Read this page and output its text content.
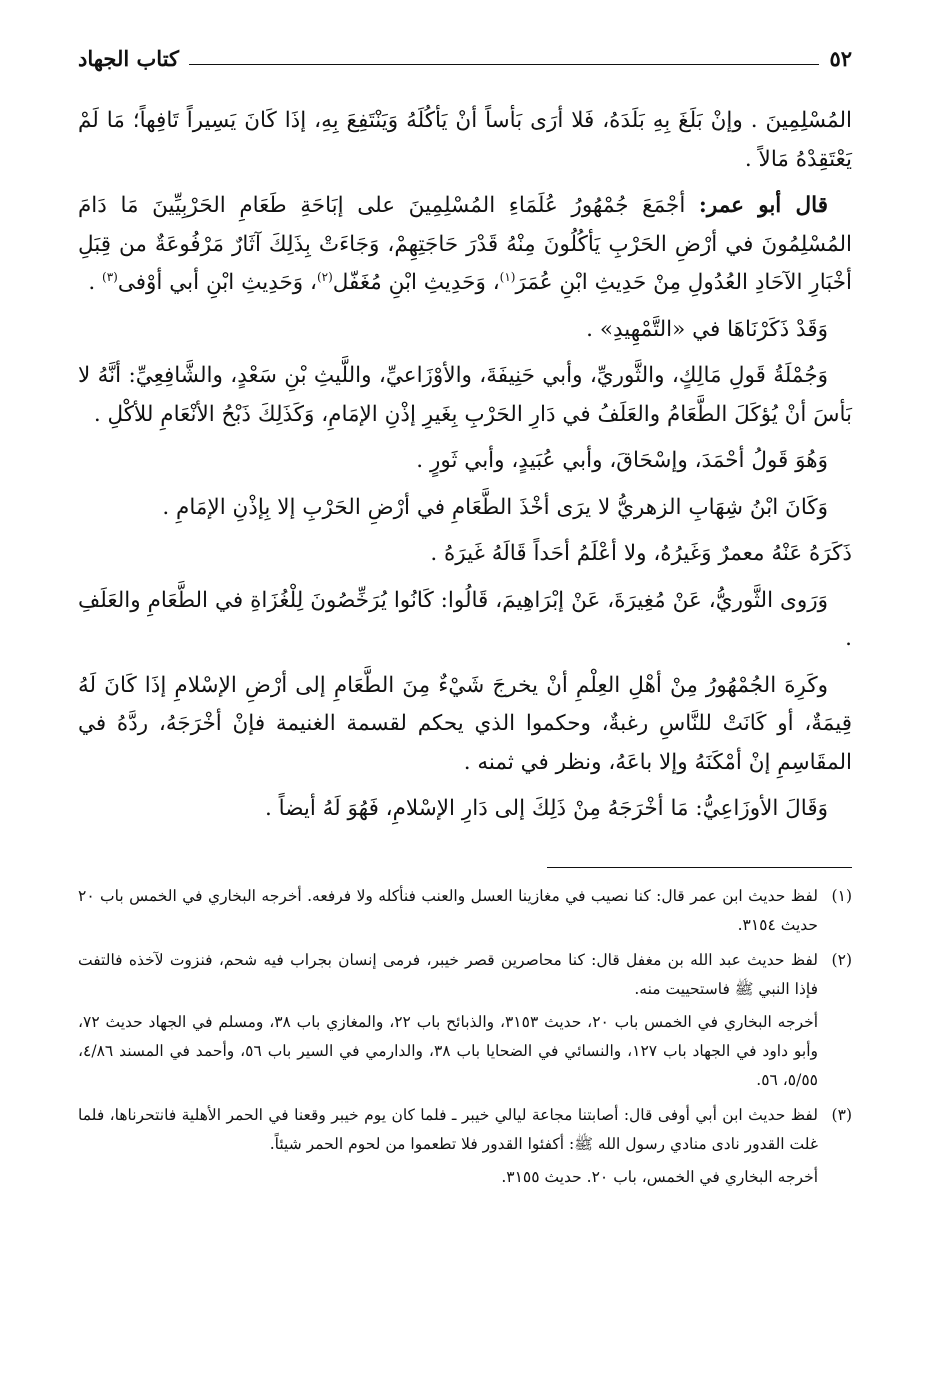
٥٢
كتاب الجهاد

المُسْلِمِينَ . وإنْ بَلَغَ بِهِ بَلَدَهُ، فَلا أرَى بَأساً أنْ يَأكُلَهُ وَيَنْتَفِعَ بِهِ، إذَا كَانَ يَسِيراً تَافِهاً؛ مَا لَمْ يَعْتَقِدْهُ مَالاً .

قال أبو عمر: أجْمَعَ جُمْهُورُ عُلَمَاءِ المُسْلِمِينَ على إبَاحَةِ طَعَامِ الحَرْبِيِّينَ مَا دَامَ المُسْلِمُونَ في أرْضِ الحَرْبِ يَأكُلُونَ مِنْهُ قَدْرَ حَاجَتِهِمْ، وَجَاءَتْ بِذَلِكَ آثَارٌ مَرْفُوعَةٌ من قِبَلِ أخْبَارِ الآحَادِ العُدُولِ مِنْ حَدِيثِ ابْنِ عُمَرَ$^{(١)}$، وَحَدِيثِ ابْنِ مُغَفّل$^{(٢)}$، وَحَدِيثِ ابْنِ أبي أوْفى$^{(٣)}$ .

وَقَدْ ذَكَرْنَاهَا في «التَّمْهِيدِ» .

وَجُمْلَةُ قَولِ مَالِكٍ، والثَّوريِّ، وأبي حَنِيفَةَ، والأوْزَاعيِّ، واللَّيثِ بْنِ سَعْدٍ، والشَّافِعِيِّ: أنَّهُ لا بَأسَ أنْ يُؤكَلَ الطَّعَامُ والعَلَفُ في دَارِ الحَرْبِ بِغَيرِ إذْنِ الإمَامِ، وَكَذَلِكَ ذَبْحُ الأنْعَامِ للأكْلِ .

وَهُوَ قَولُ أحْمَدَ، وإسْحَاقَ، وأبي عُبَيدٍ، وأبي ثَورٍ .

وَكَانَ ابْنُ شِهَابِ الزهريُّ لا يرَى أخْذَ الطَّعَامِ في أرْضِ الحَرْبِ إلا بِإذْنِ الإمَامِ .

ذَكَرَهُ عَنْهُ معمرٌ وَغَيرُهُ، ولا أعْلَمُ أحَداً قَالَهُ غَيرَهُ .

وَرَوى الثَّوريُّ، عَنْ مُغِيرَةَ، عَنْ إبْرَاهِيمَ، قَالُوا: كَانُوا يُرَخِّصُونَ لِلْغُزَاةِ في الطَّعَامِ والعَلَفِ .

وكَرِهَ الجُمْهُورُ مِنْ أهْلِ العِلْمِ أنْ يخرجَ شَيْءٌ مِنَ الطَّعَامِ إلى أرْضِ الإسْلامِ إذَا كَانَ لَهُ قِيمَةٌ، أو كَانَتْ للنَّاسِ رغبةٌ، وحكموا الذي يحكم لقسمة الغنيمة فإنْ أخْرَجَهُ، ردَّهُ في المقَاسِمِ إنْ أمْكَنَهُ وإلا باعَهُ، ونظر في ثمنه .

وَقَالَ الأوزَاعِيُّ: مَا أخْرَجَهُ مِنْ ذَلِكَ إلى دَارِ الإسْلامِ، فَهُوَ لَهُ أيضاً .

(١)

لفظ حديث ابن عمر قال: كنا نصيب في مغازينا العسل والعنب فنأكله ولا فرفعه. أخرجه البخاري في الخمس باب ٢٠ حديث ٣١٥٤.

(٢)

لفظ حديث عبد الله بن مغفل قال: كنا محاصرين قصر خيبر، فرمى إنسان بجراب فيه شحم، فنزوت لآخذه فالتفت فإذا النبي ﷺ فاستحييت منه.

أخرجه البخاري في الخمس باب ٢٠، حديث ٣١٥٣، والذبائح باب ٢٢، والمغازي باب ٣٨، ومسلم في الجهاد حديث ٧٢، وأبو داود في الجهاد باب ١٢٧، والنسائي في الضحايا باب ٣٨، والدارمي في السير باب ٥٦، وأحمد في المسند ٤/٨٦، ٥/٥٥، ٥٦.

(٣)

لفظ حديث ابن أبي أوفى قال: أصابتنا مجاعة ليالي خيبر ـ فلما كان يوم خيبر وقعنا في الحمر الأهلية فانتحرناها، فلما غلت القدور نادى منادي رسول الله ﷺ: أكفئوا القدور فلا تطعموا من لحوم الحمر شيئاً.

أخرجه البخاري في الخمس، باب ٢٠. حديث ٣١٥٥.
